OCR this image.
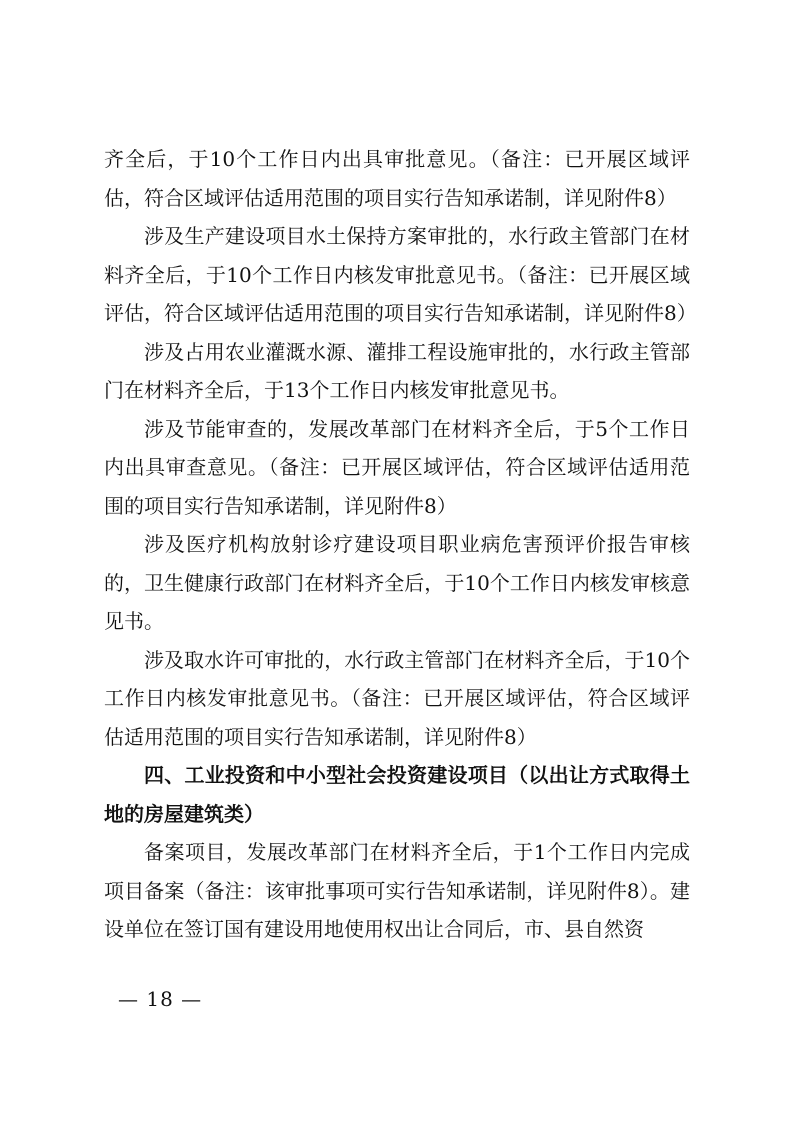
齐全后，于10个工作日内出具审批意见。（备注：已开展区域评估，符合区域评估适用范围的项目实行告知承诺制，详见附件8）

涉及生产建设项目水土保持方案审批的，水行政主管部门在材料齐全后，于10个工作日内核发审批意见书。（备注：已开展区域评估，符合区域评估适用范围的项目实行告知承诺制，详见附件8）

涉及占用农业灌溉水源、灌排工程设施审批的，水行政主管部门在材料齐全后，于13个工作日内核发审批意见书。

涉及节能审查的，发展改革部门在材料齐全后，于5个工作日内出具审查意见。（备注：已开展区域评估，符合区域评估适用范围的项目实行告知承诺制，详见附件8）

涉及医疗机构放射诊疗建设项目职业病危害预评价报告审核的，卫生健康行政部门在材料齐全后，于10个工作日内核发审核意见书。

涉及取水许可审批的，水行政主管部门在材料齐全后，于10个工作日内核发审批意见书。（备注：已开展区域评估，符合区域评估适用范围的项目实行告知承诺制，详见附件8）

四、工业投资和中小型社会投资建设项目（以出让方式取得土地的房屋建筑类）

备案项目，发展改革部门在材料齐全后，于1个工作日内完成项目备案（备注：该审批事项可实行告知承诺制，详见附件8）。建设单位在签订国有建设用地使用权出让合同后，市、县自然资

— 18 —
